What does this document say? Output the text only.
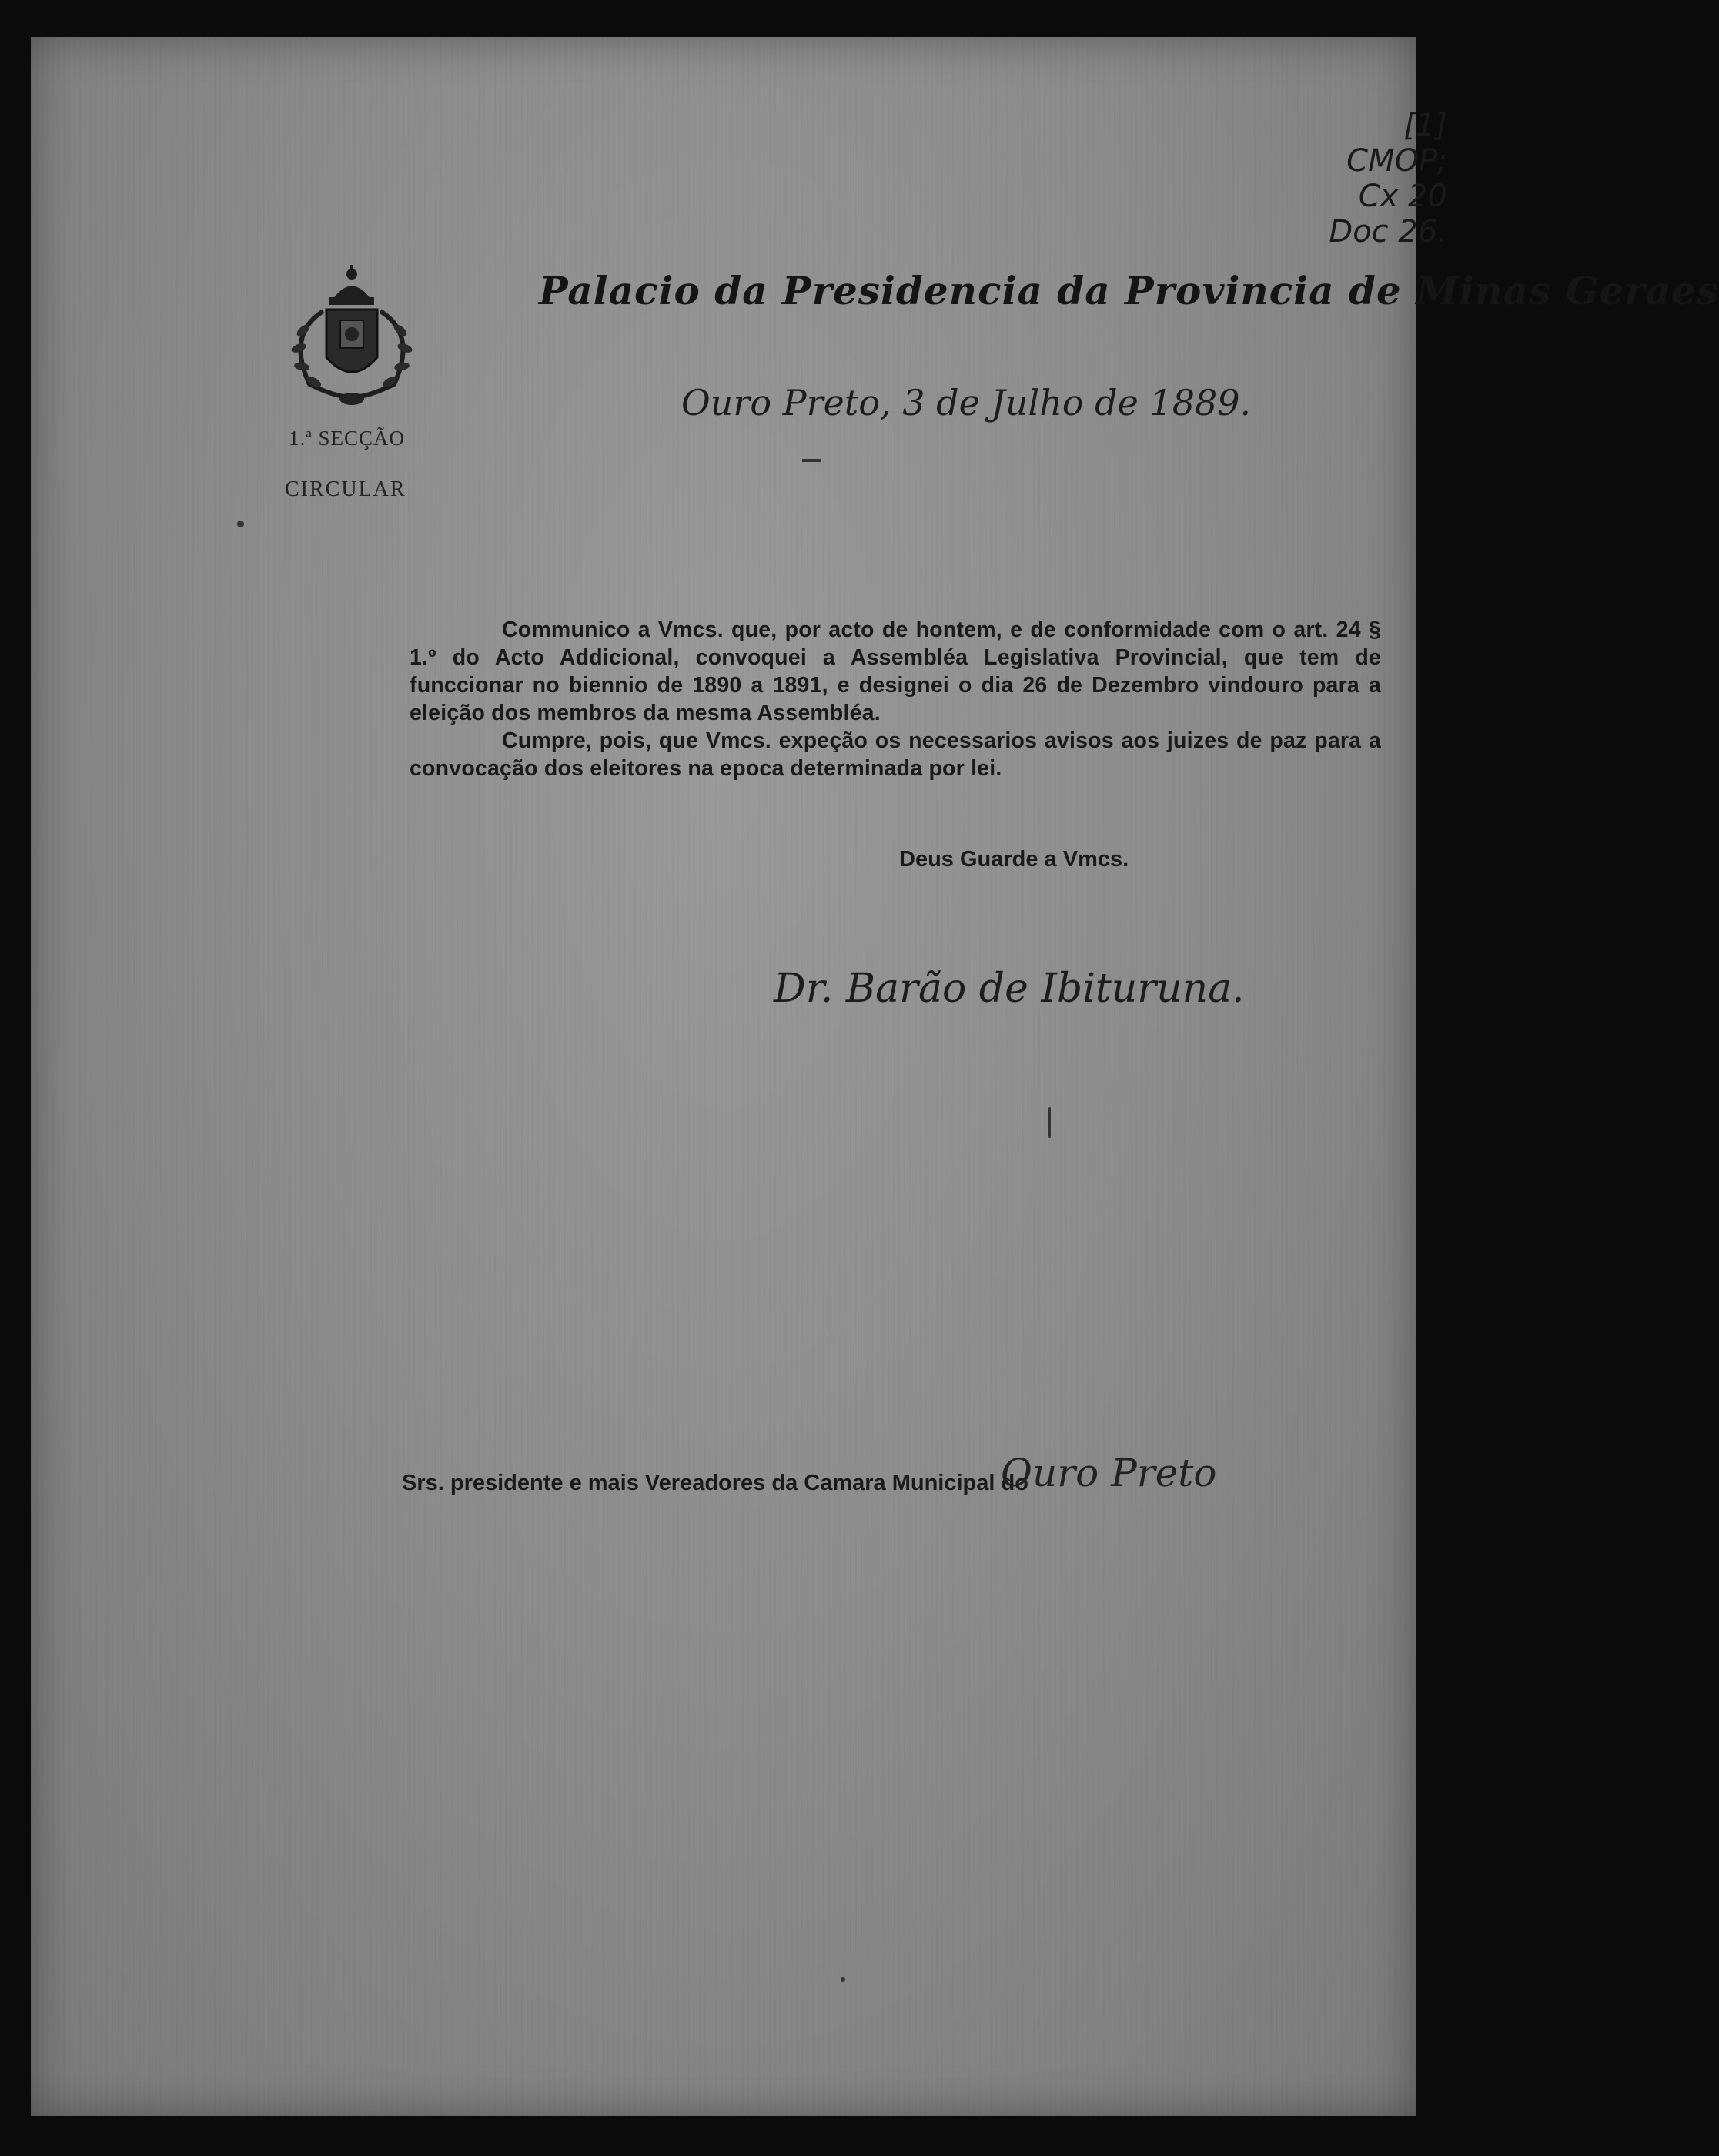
1.ª SECÇÃO
CIRCULAR
Palacio da Presidencia da Provincia de Minas Geraes
Ouro Preto, 3 de Julho de 1889.
[1]
CMOP;
Cx 20
Doc 26.

Communico a Vmcs. que, por acto de hontem, e de conformidade com o art. 24 § 1.º do Acto Addicional, convoquei a Assembléa Legislativa Provincial, que tem de funccionar no biennio de 1890 a 1891, e designei o dia 26 de Dezembro vindouro para a eleição dos membros da mesma Assembléa.

Cumpre, pois, que Vmcs. expeção os necessarios avisos aos juizes de paz para a convocação dos eleitores na epoca determinada por lei.

Deus Guarde a Vmcs.
Dr. Barão de Ibituruna.
Srs. presidente e mais Vereadores da Camara Municipal do
Ouro Preto
